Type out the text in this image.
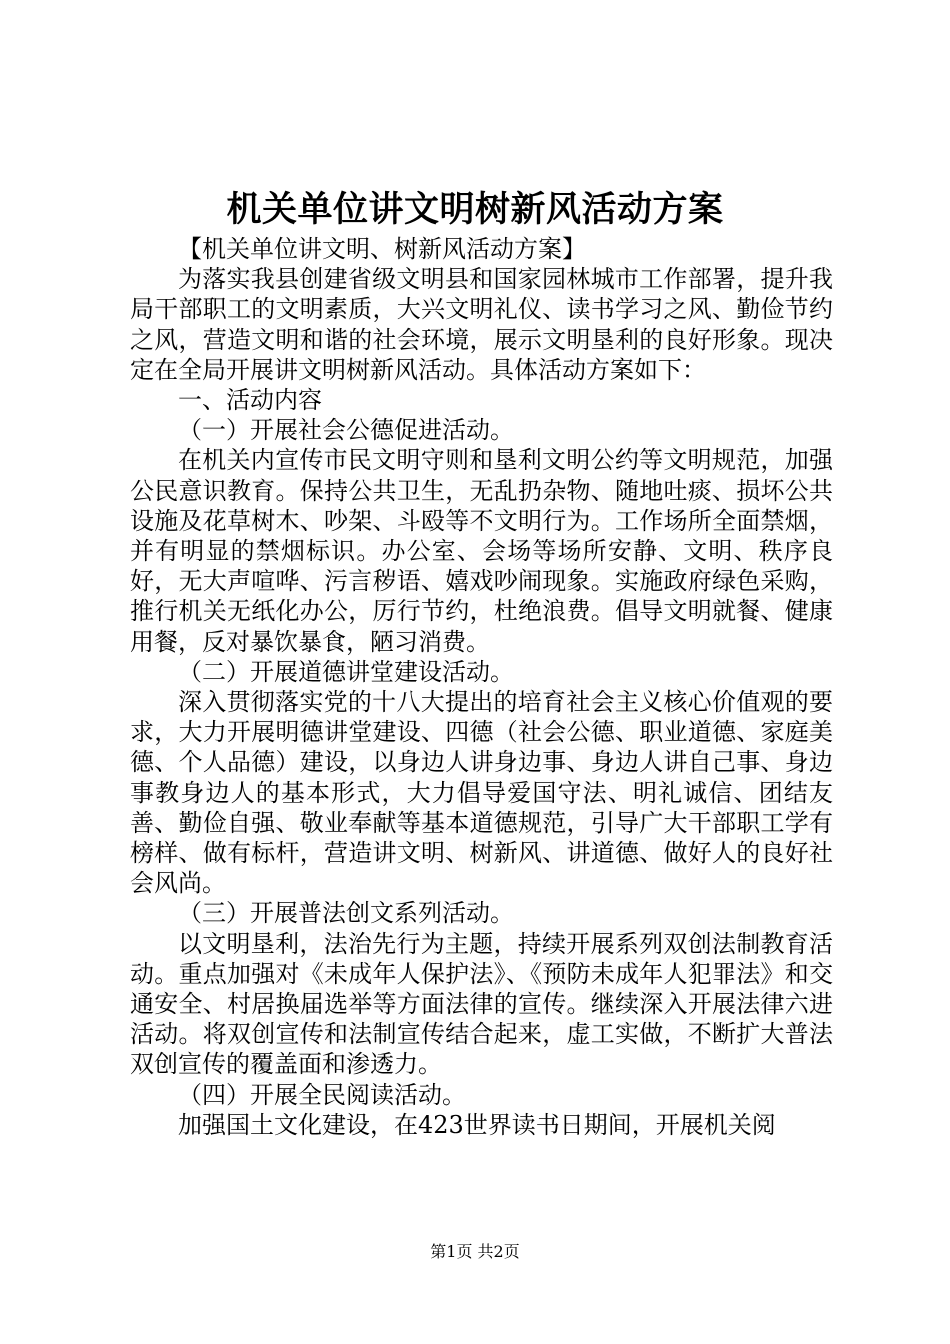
机关单位讲文明树新风活动方案

【机关单位讲文明、树新风活动方案】

为落实我县创建省级文明县和国家园林城市工作部署，提升我局干部职工的文明素质，大兴文明礼仪、读书学习之风、勤俭节约之风，营造文明和谐的社会环境，展示文明垦利的良好形象。现决定在全局开展讲文明树新风活动。具体活动方案如下：

一、活动内容

（一）开展社会公德促进活动。

在机关内宣传市民文明守则和垦利文明公约等文明规范，加强公民意识教育。保持公共卫生，无乱扔杂物、随地吐痰、损坏公共设施及花草树木、吵架、斗殴等不文明行为。工作场所全面禁烟，并有明显的禁烟标识。办公室、会场等场所安静、文明、秩序良好，无大声喧哗、污言秽语、嬉戏吵闹现象。实施政府绿色采购，推行机关无纸化办公，厉行节约，杜绝浪费。倡导文明就餐、健康用餐，反对暴饮暴食，陋习消费。

（二）开展道德讲堂建设活动。

深入贯彻落实党的十八大提出的培育社会主义核心价值观的要求，大力开展明德讲堂建设、四德（社会公德、职业道德、家庭美德、个人品德）建设，以身边人讲身边事、身边人讲自己事、身边事教身边人的基本形式，大力倡导爱国守法、明礼诚信、团结友善、勤俭自强、敬业奉献等基本道德规范，引导广大干部职工学有榜样、做有标杆，营造讲文明、树新风、讲道德、做好人的良好社会风尚。

（三）开展普法创文系列活动。

以文明垦利，法治先行为主题，持续开展系列双创法制教育活动。重点加强对《未成年人保护法》、《预防未成年人犯罪法》和交通安全、村居换届选举等方面法律的宣传。继续深入开展法律六进活动。将双创宣传和法制宣传结合起来，虚工实做，不断扩大普法双创宣传的覆盖面和渗透力。

（四）开展全民阅读活动。

加强国土文化建设，在423世界读书日期间，开展机关阅

第1页 共2页
